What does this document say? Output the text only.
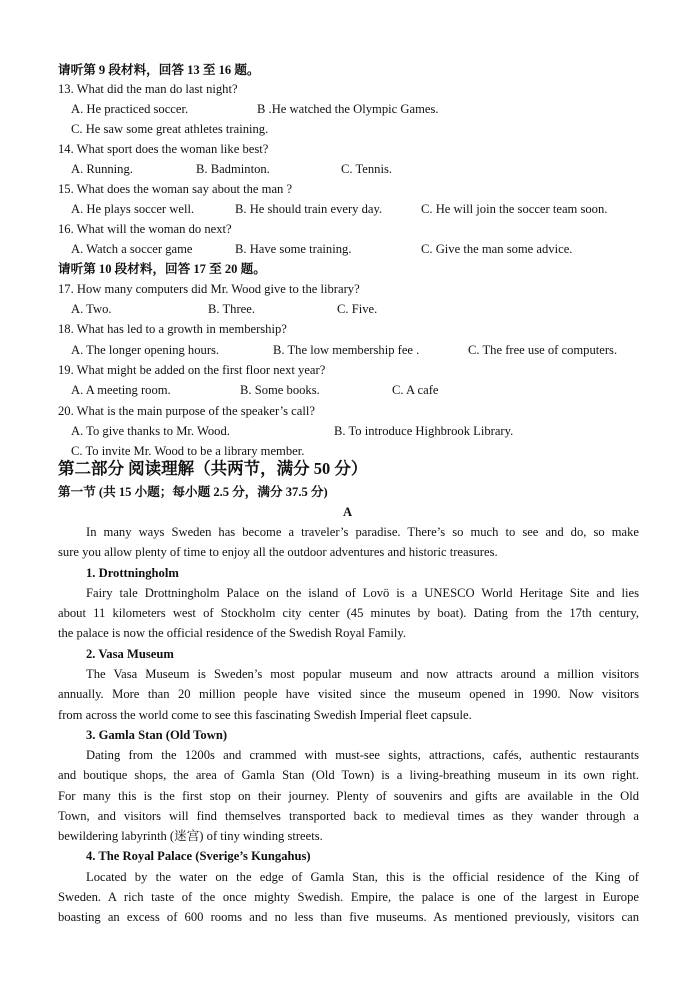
请听第 9 段材料，回答 13 至 16 题。
13. What did the man do last night?
A. He practiced soccer.	B .He watched the Olympic Games.
C. He saw some great athletes training.
14. What sport does the woman like best?
A. Running.	B. Badminton.	C. Tennis.
15. What does the woman say about the man ?
A. He plays soccer well.	B. He should train every day.	C. He will join the soccer team soon.
16. What will the woman do next?
A. Watch a soccer game	B. Have some training.	C. Give the man some advice.
请听第 10 段材料，回答 17 至 20 题。
17. How many computers did Mr. Wood give to the library?
A. Two.	B. Three.	C. Five.
18. What has led to a growth in membership?
A. The longer opening hours.	B. The low membership fee .	C. The free use of computers.
19. What might be added on the first floor next year?
A. A meeting room.	B. Some books.	C. A cafe
20. What is the main purpose of the speaker’s call?
A. To give thanks to Mr. Wood.	B. To introduce Highbrook Library.
C. To invite Mr. Wood to be a library member.
第二部分 阅读理解（共两节，满分 50 分）
第一节 (共 15 小题；每小题 2.5 分，满分 37.5 分)
A
In many ways Sweden has become a traveler’s paradise. There’s so much to see and do, so make
sure you allow plenty of time to enjoy all the outdoor adventures and historic treasures.
1. Drottningholm
Fairy tale Drottningholm Palace on the island of Lovö is a UNESCO World Heritage Site and lies
about 11 kilometers west of Stockholm city center (45 minutes by boat). Dating from the 17th century,
the palace is now the official residence of the Swedish Royal Family.
2. Vasa Museum
The Vasa Museum is Sweden’s most popular museum and now attracts around a million visitors
annually. More than 20 million people have visited since the museum opened in 1990. Now visitors
from across the world come to see this fascinating Swedish Imperial fleet capsule.
3. Gamla Stan (Old Town)
Dating from the 1200s and crammed with must-see sights, attractions, cafés, authentic restaurants
and boutique shops, the area of Gamla Stan (Old Town) is a living-breathing museum in its own right.
For many this is the first stop on their journey. Plenty of souvenirs and gifts are available in the Old
Town, and visitors will find themselves transported back to medieval times as they wander through a
bewildering labyrinth (迷宫) of tiny winding streets.
4. The Royal Palace (Sverige’s Kungahus)
Located by the water on the edge of Gamla Stan, this is the official residence of the King of
Sweden. A rich taste of the once mighty Swedish. Empire, the palace is one of the largest in Europe
boasting an excess of 600 rooms and no less than five museums. As mentioned previously, visitors can
